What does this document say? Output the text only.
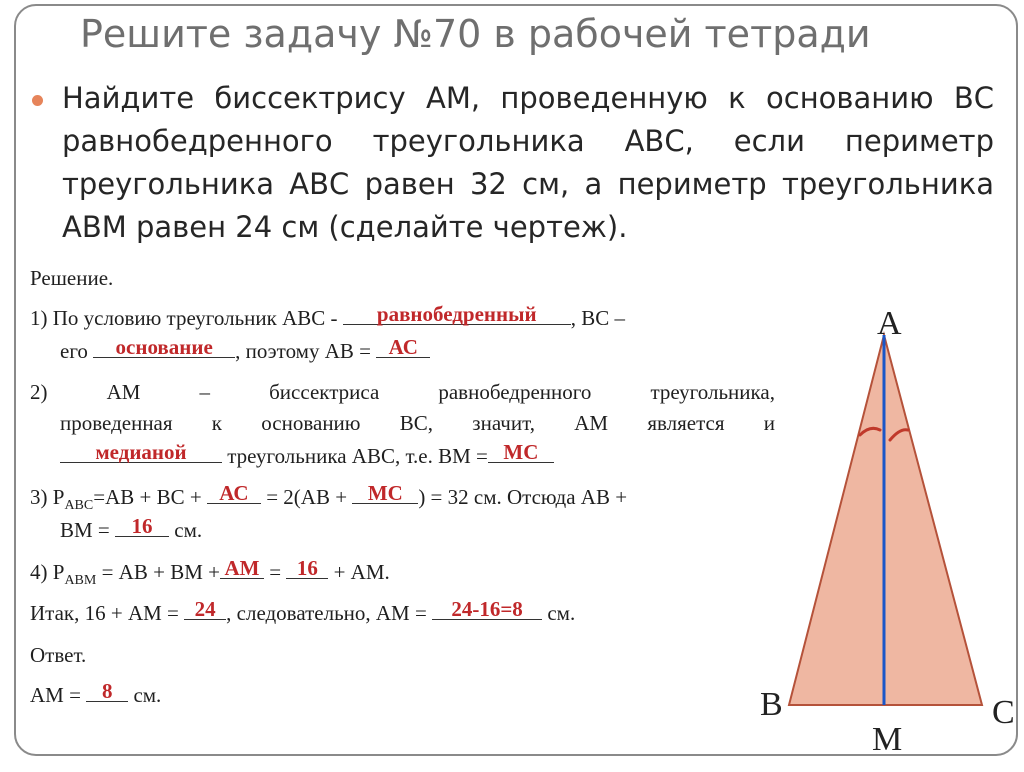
Решите задачу №70 в рабочей тетради
Найдите биссектрису АМ, проведенную к основанию ВС равнобедренного треугольника АВС, если периметр треугольника АВС равен 32 см, а периметр треугольника АВМ равен 24 см (сделайте чертеж).
Решение.
1) По условию треугольник АВС -	равнобедренный	, ВС –
его	основание	, поэтому АВ = АС
2) АМ – биссектриса равнобедренного треугольника,
проведенная к основанию ВС, значит, АМ является и
медианой	треугольника АВС, т.е. ВМ = МС
3) $Р_{АВС}=АВ$ + ВС + АС = 2(АВ + МС ) = 32 см. Отсюда АВ +
ВМ = 16 см.
4) $Р_{АВМ}$ = АВ + ВМ + АМ = 16 + АМ.
Итак, 16 + АМ = 24 , следовательно, АМ = 24-16=8 см.
Ответ.
АМ = 8 см.
A
B	C
M
